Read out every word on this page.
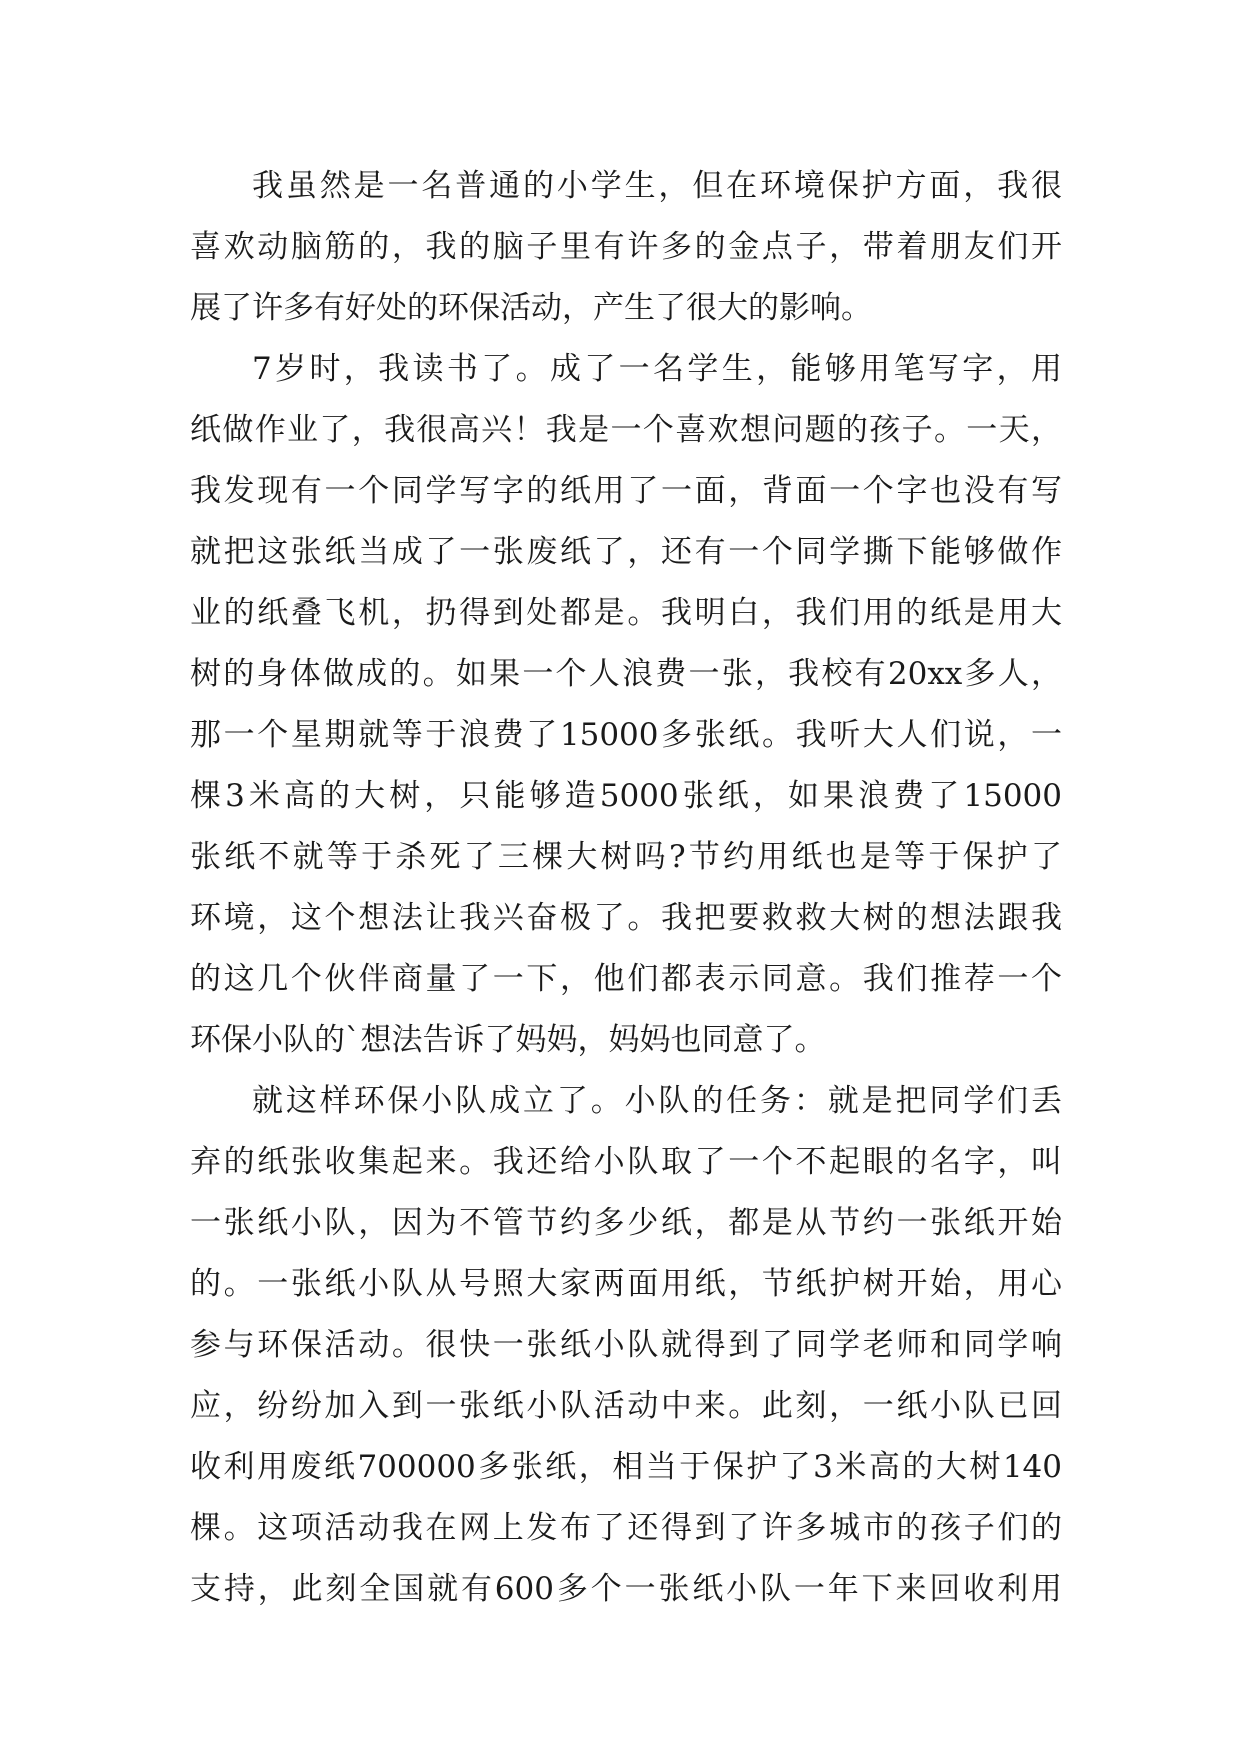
我虽然是一名普通的小学生，但在环境保护方面，我很
喜欢动脑筋的，我的脑子里有许多的金点子，带着朋友们开
展了许多有好处的环保活动，产生了很大的影响。
7岁时，我读书了。成了一名学生，能够用笔写字，用
纸做作业了，我很高兴！我是一个喜欢想问题的孩子。一天，
我发现有一个同学写字的纸用了一面，背面一个字也没有写
就把这张纸当成了一张废纸了，还有一个同学撕下能够做作
业的纸叠飞机，扔得到处都是。我明白，我们用的纸是用大
树的身体做成的。如果一个人浪费一张，我校有20xx多人，
那一个星期就等于浪费了15000多张纸。我听大人们说，一
棵3米高的大树，只能够造5000张纸，如果浪费了15000
张纸不就等于杀死了三棵大树吗?节约用纸也是等于保护了
环境，这个想法让我兴奋极了。我把要救救大树的想法跟我
的这几个伙伴商量了一下，他们都表示同意。我们推荐一个
环保小队的`想法告诉了妈妈，妈妈也同意了。
就这样环保小队成立了。小队的任务：就是把同学们丢
弃的纸张收集起来。我还给小队取了一个不起眼的名字，叫
一张纸小队，因为不管节约多少纸，都是从节约一张纸开始
的。一张纸小队从号照大家两面用纸，节纸护树开始，用心
参与环保活动。很快一张纸小队就得到了同学老师和同学响
应，纷纷加入到一张纸小队活动中来。此刻，一纸小队已回
收利用废纸700000多张纸，相当于保护了3米高的大树140
棵。这项活动我在网上发布了还得到了许多城市的孩子们的
支持，此刻全国就有600多个一张纸小队一年下来回收利用
